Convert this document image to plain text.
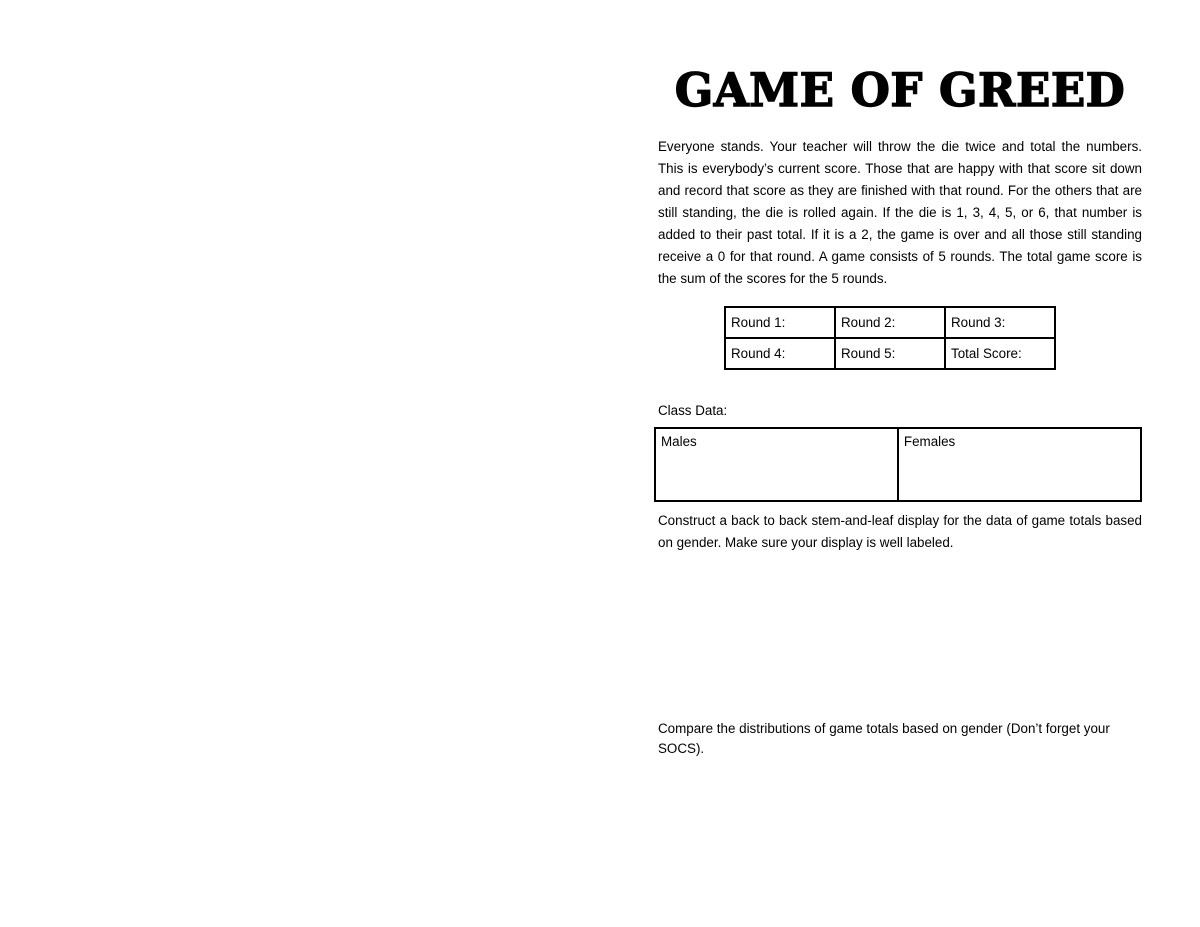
GAME OF GREED

Everyone stands. Your teacher will throw the die twice and total the numbers. This is everybody’s current score. Those that are happy with that score sit down and record that score as they are finished with that round. For the others that are still standing, the die is rolled again. If the die is 1, 3, 4, 5, or 6, that number is added to their past total. If it is a 2, the game is over and all those still standing receive a 0 for that round. A game consists of 5 rounds. The total game score is the sum of the scores for the 5 rounds.

Round 1:	Round 2:	Round 3:
Round 4:	Round 5:	Total Score:

Class Data:

Males	Females

Construct a back to back stem-and-leaf display for the data of game totals based on gender. Make sure your display is well labeled.

Compare the distributions of game totals based on gender (Don’t forget your SOCS).
